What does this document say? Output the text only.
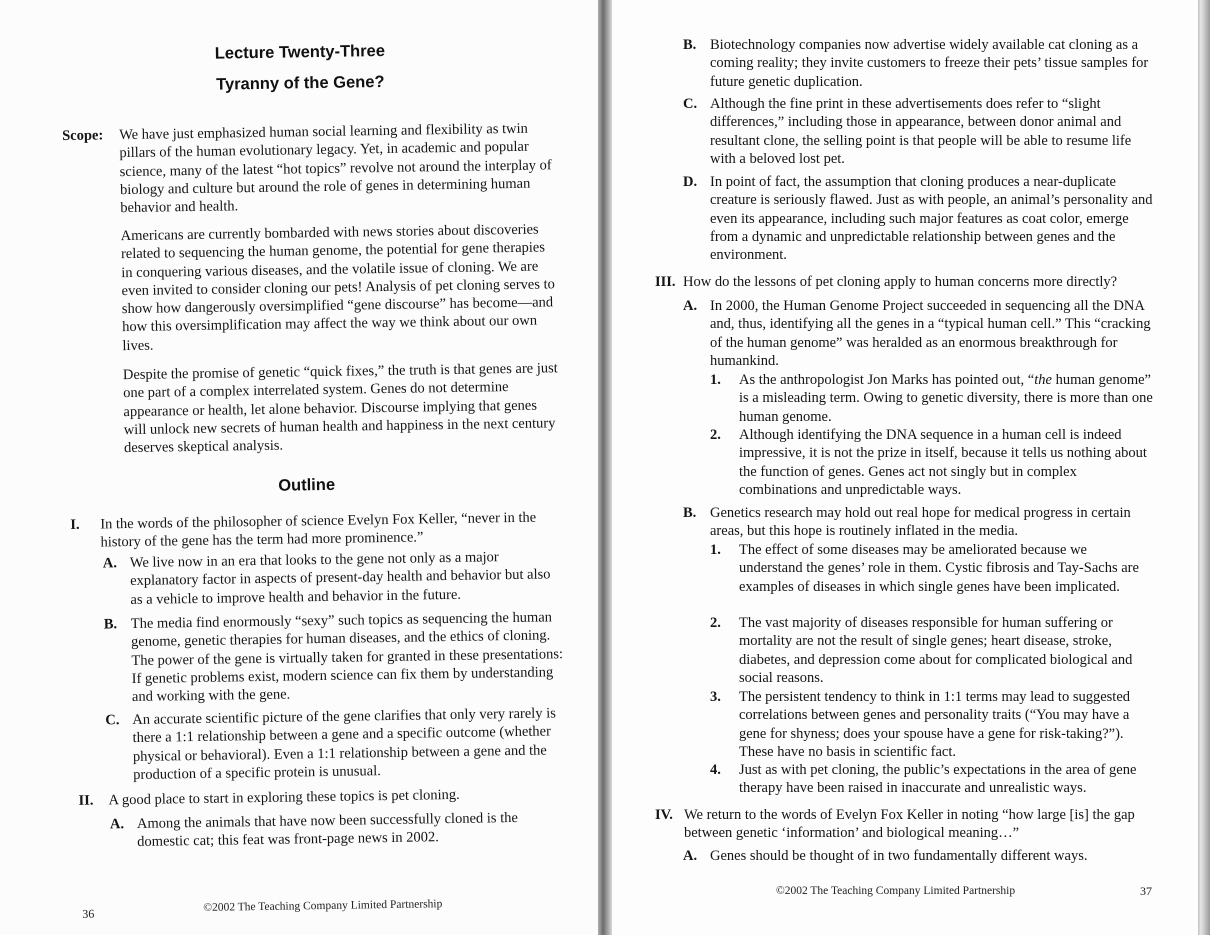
Lecture Twenty-Three
Tyranny of the Gene?
Scope: We have just emphasized human social learning and flexibility as twin pillars of the human evolutionary legacy. Yet, in academic and popular science, many of the latest “hot topics” revolve not around the interplay of biology and culture but around the role of genes in determining human behavior and health.

Americans are currently bombarded with news stories about discoveries related to sequencing the human genome, the potential for gene therapies in conquering various diseases, and the volatile issue of cloning. We are even invited to consider cloning our pets! Analysis of pet cloning serves to show how dangerously oversimplified “gene discourse” has become—and how this oversimplification may affect the way we think about our own lives.

Despite the promise of genetic “quick fixes,” the truth is that genes are just one part of a complex interrelated system. Genes do not determine appearance or health, let alone behavior. Discourse implying that genes will unlock new secrets of human health and happiness in the next century deserves skeptical analysis.

Outline
I. In the words of the philosopher of science Evelyn Fox Keller, “never in the history of the gene has the term had more prominence.”

A. We live now in an era that looks to the gene not only as a major explanatory factor in aspects of present-day health and behavior but also as a vehicle to improve health and behavior in the future.

B. The media find enormously “sexy” such topics as sequencing the human genome, genetic therapies for human diseases, and the ethics of cloning. The power of the gene is virtually taken for granted in these presentations: If genetic problems exist, modern science can fix them by understanding and working with the gene.

C. An accurate scientific picture of the gene clarifies that only very rarely is there a 1:1 relationship between a gene and a specific outcome (whether physical or behavioral). Even a 1:1 relationship between a gene and the production of a specific protein is unusual.

II. A good place to start in exploring these topics is pet cloning.

A. Among the animals that have now been successfully cloned is the domestic cat; this feat was front-page news in 2002.

36	©2002 The Teaching Company Limited Partnership
B. Biotechnology companies now advertise widely available cat cloning as a coming reality; they invite customers to freeze their pets’ tissue samples for future genetic duplication.

C. Although the fine print in these advertisements does refer to “slight differences,” including those in appearance, between donor animal and resultant clone, the selling point is that people will be able to resume life with a beloved lost pet.

D. In point of fact, the assumption that cloning produces a near-duplicate creature is seriously flawed. Just as with people, an animal’s personality and even its appearance, including such major features as coat color, emerge from a dynamic and unpredictable relationship between genes and the environment.

III. How do the lessons of pet cloning apply to human concerns more directly?

A. In 2000, the Human Genome Project succeeded in sequencing all the DNA and, thus, identifying all the genes in a “typical human cell.” This “cracking of the human genome” was heralded as an enormous breakthrough for humankind.

1. As the anthropologist Jon Marks has pointed out, “the human genome” is a misleading term. Owing to genetic diversity, there is more than one human genome.

2. Although identifying the DNA sequence in a human cell is indeed impressive, it is not the prize in itself, because it tells us nothing about the function of genes. Genes act not singly but in complex combinations and unpredictable ways.

B. Genetics research may hold out real hope for medical progress in certain areas, but this hope is routinely inflated in the media.

1. The effect of some diseases may be ameliorated because we understand the genes’ role in them. Cystic fibrosis and Tay-Sachs are examples of diseases in which single genes have been implicated.

2. The vast majority of diseases responsible for human suffering or mortality are not the result of single genes; heart disease, stroke, diabetes, and depression come about for complicated biological and social reasons.

3. The persistent tendency to think in 1:1 terms may lead to suggested correlations between genes and personality traits (“You may have a gene for shyness; does your spouse have a gene for risk-taking?”). These have no basis in scientific fact.

4. Just as with pet cloning, the public’s expectations in the area of gene therapy have been raised in inaccurate and unrealistic ways.

IV. We return to the words of Evelyn Fox Keller in noting “how large [is] the gap between genetic ‘information’ and biological meaning…”

A. Genes should be thought of in two fundamentally different ways.

©2002 The Teaching Company Limited Partnership	37
